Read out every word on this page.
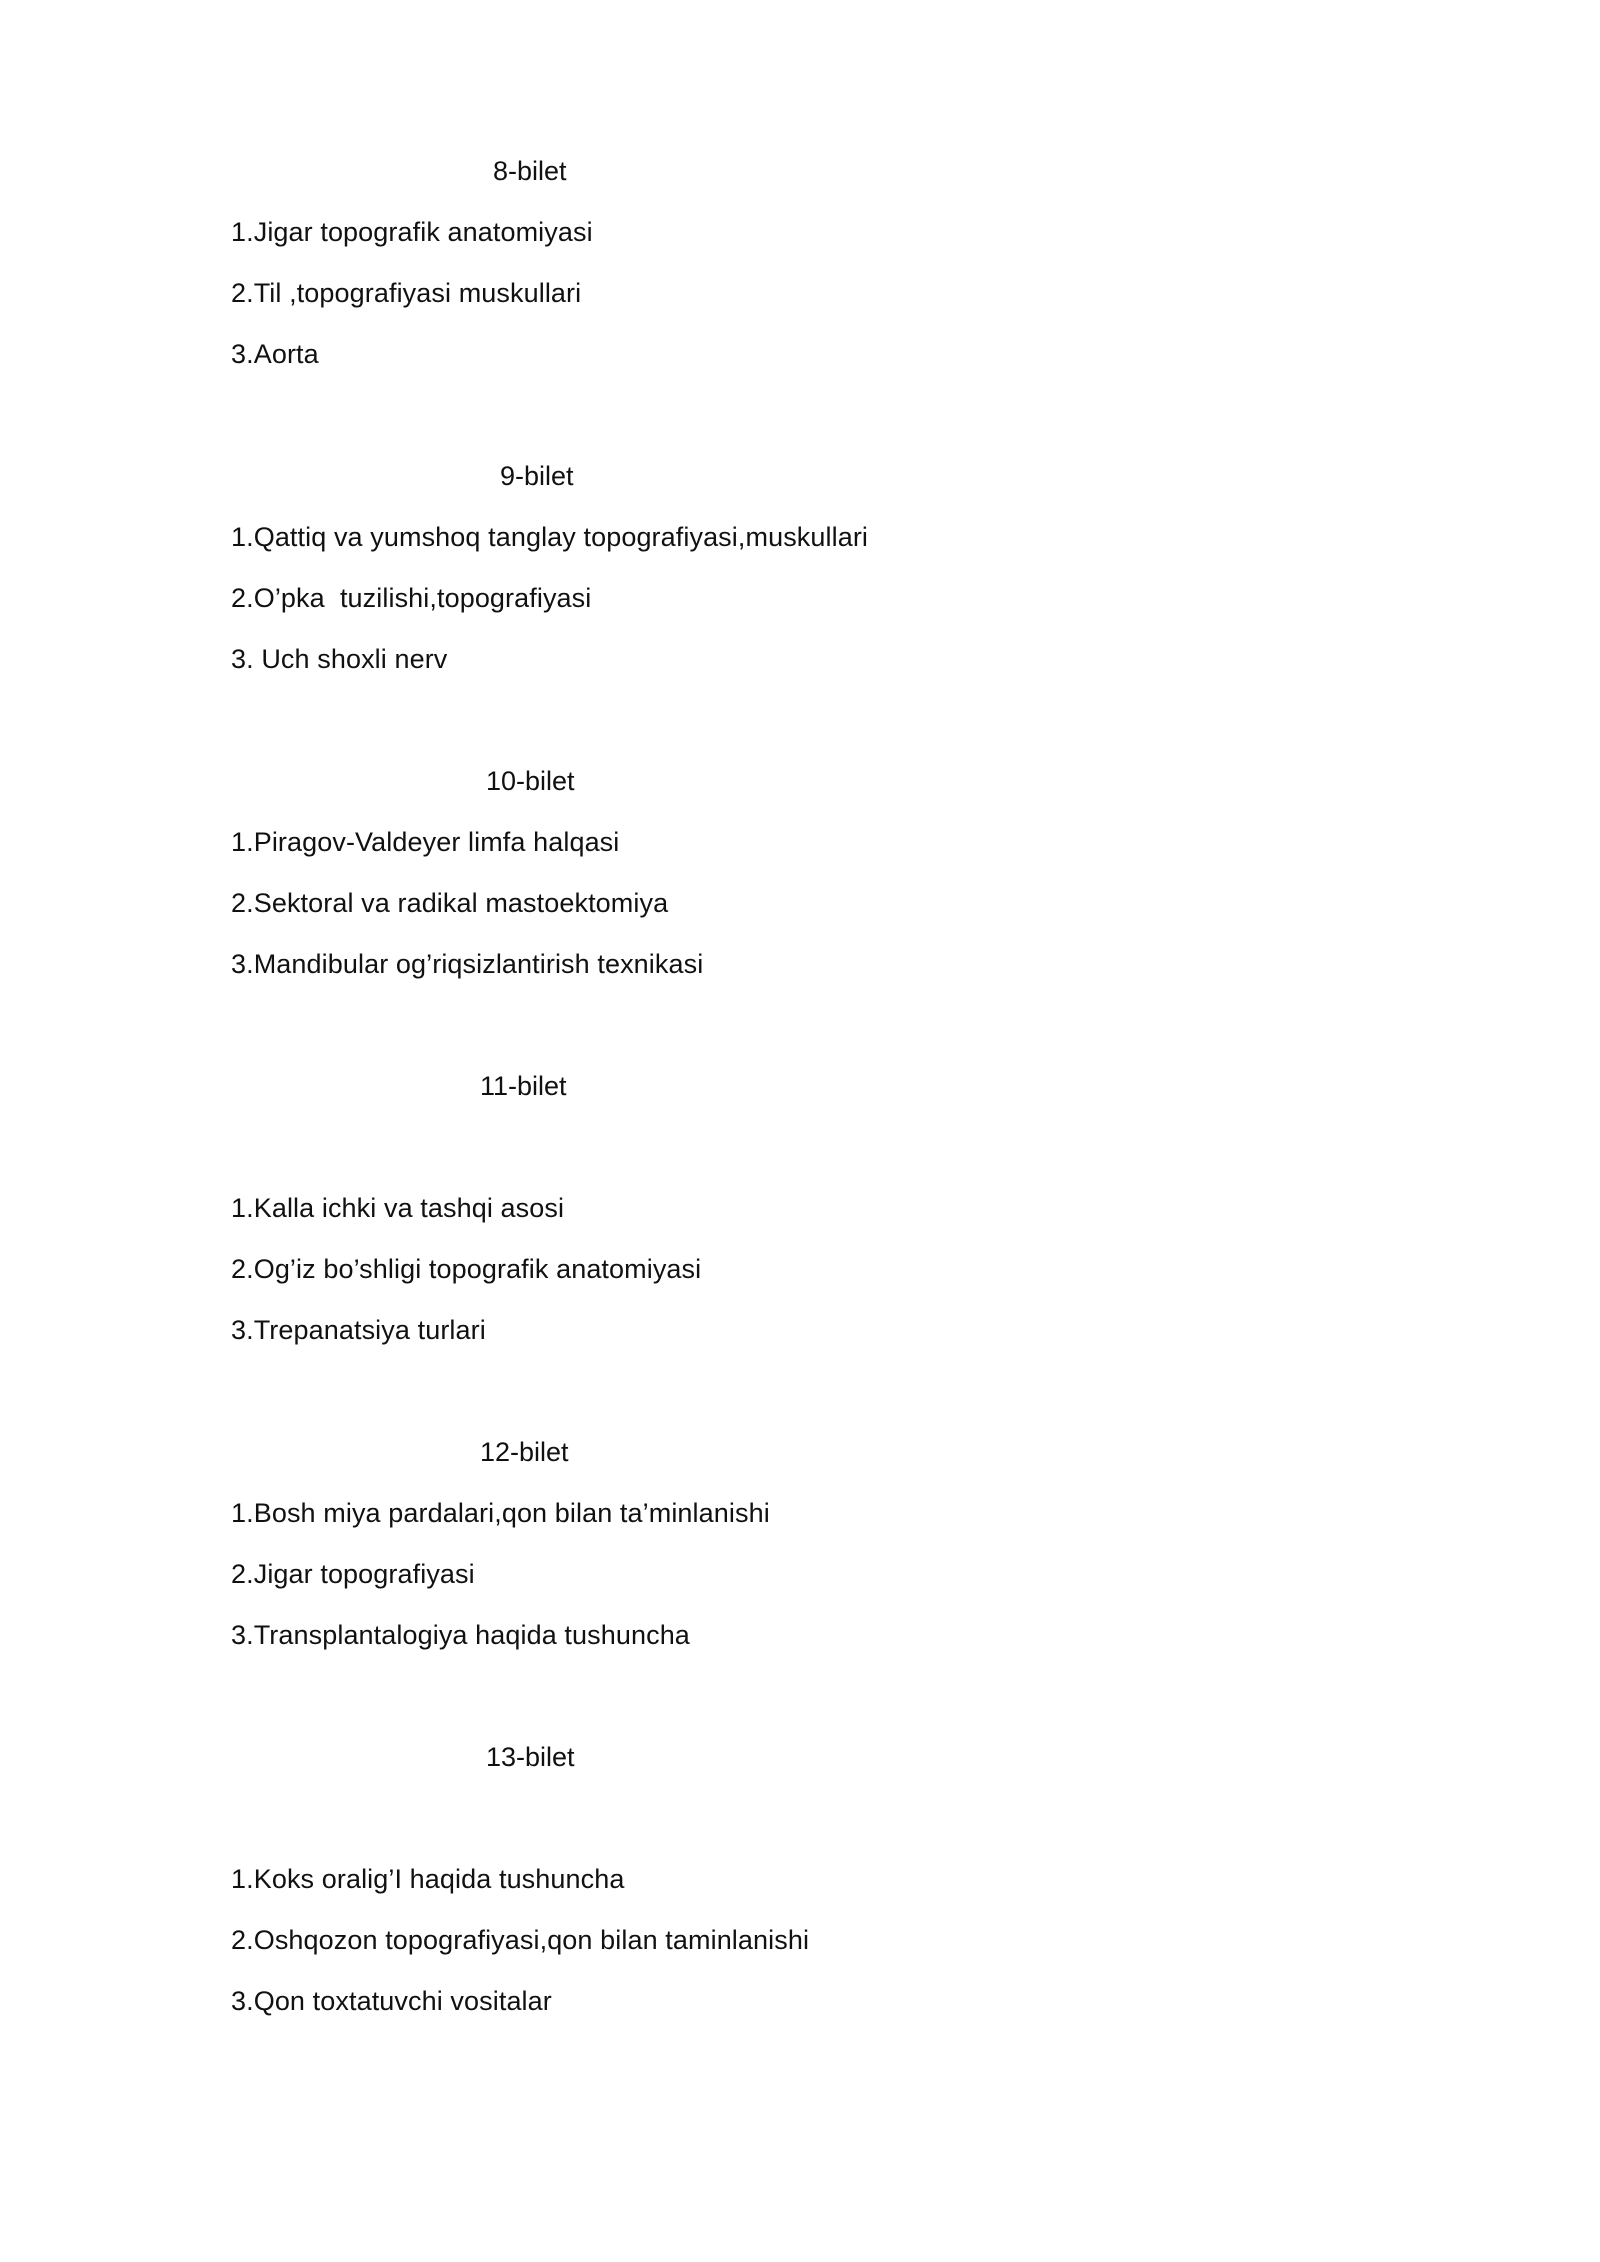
8-bilet
1.Jigar topografik anatomiyasi
2.Til ,topografiyasi muskullari
3.Aorta
9-bilet
1.Qattiq va yumshoq tanglay topografiyasi,muskullari
2.O’pka  tuzilishi,topografiyasi
3. Uch shoxli nerv
10-bilet
1.Piragov-Valdeyer limfa halqasi
2.Sektoral va radikal mastoektomiya
3.Mandibular og’riqsizlantirish texnikasi
11-bilet
1.Kalla ichki va tashqi asosi
2.Og’iz bo’shligi topografik anatomiyasi
3.Trepanatsiya turlari
12-bilet
1.Bosh miya pardalari,qon bilan ta’minlanishi
2.Jigar topografiyasi
3.Transplantalogiya haqida tushuncha
13-bilet
1.Koks oralig’I haqida tushuncha
2.Oshqozon topografiyasi,qon bilan taminlanishi
3.Qon toxtatuvchi vositalar
